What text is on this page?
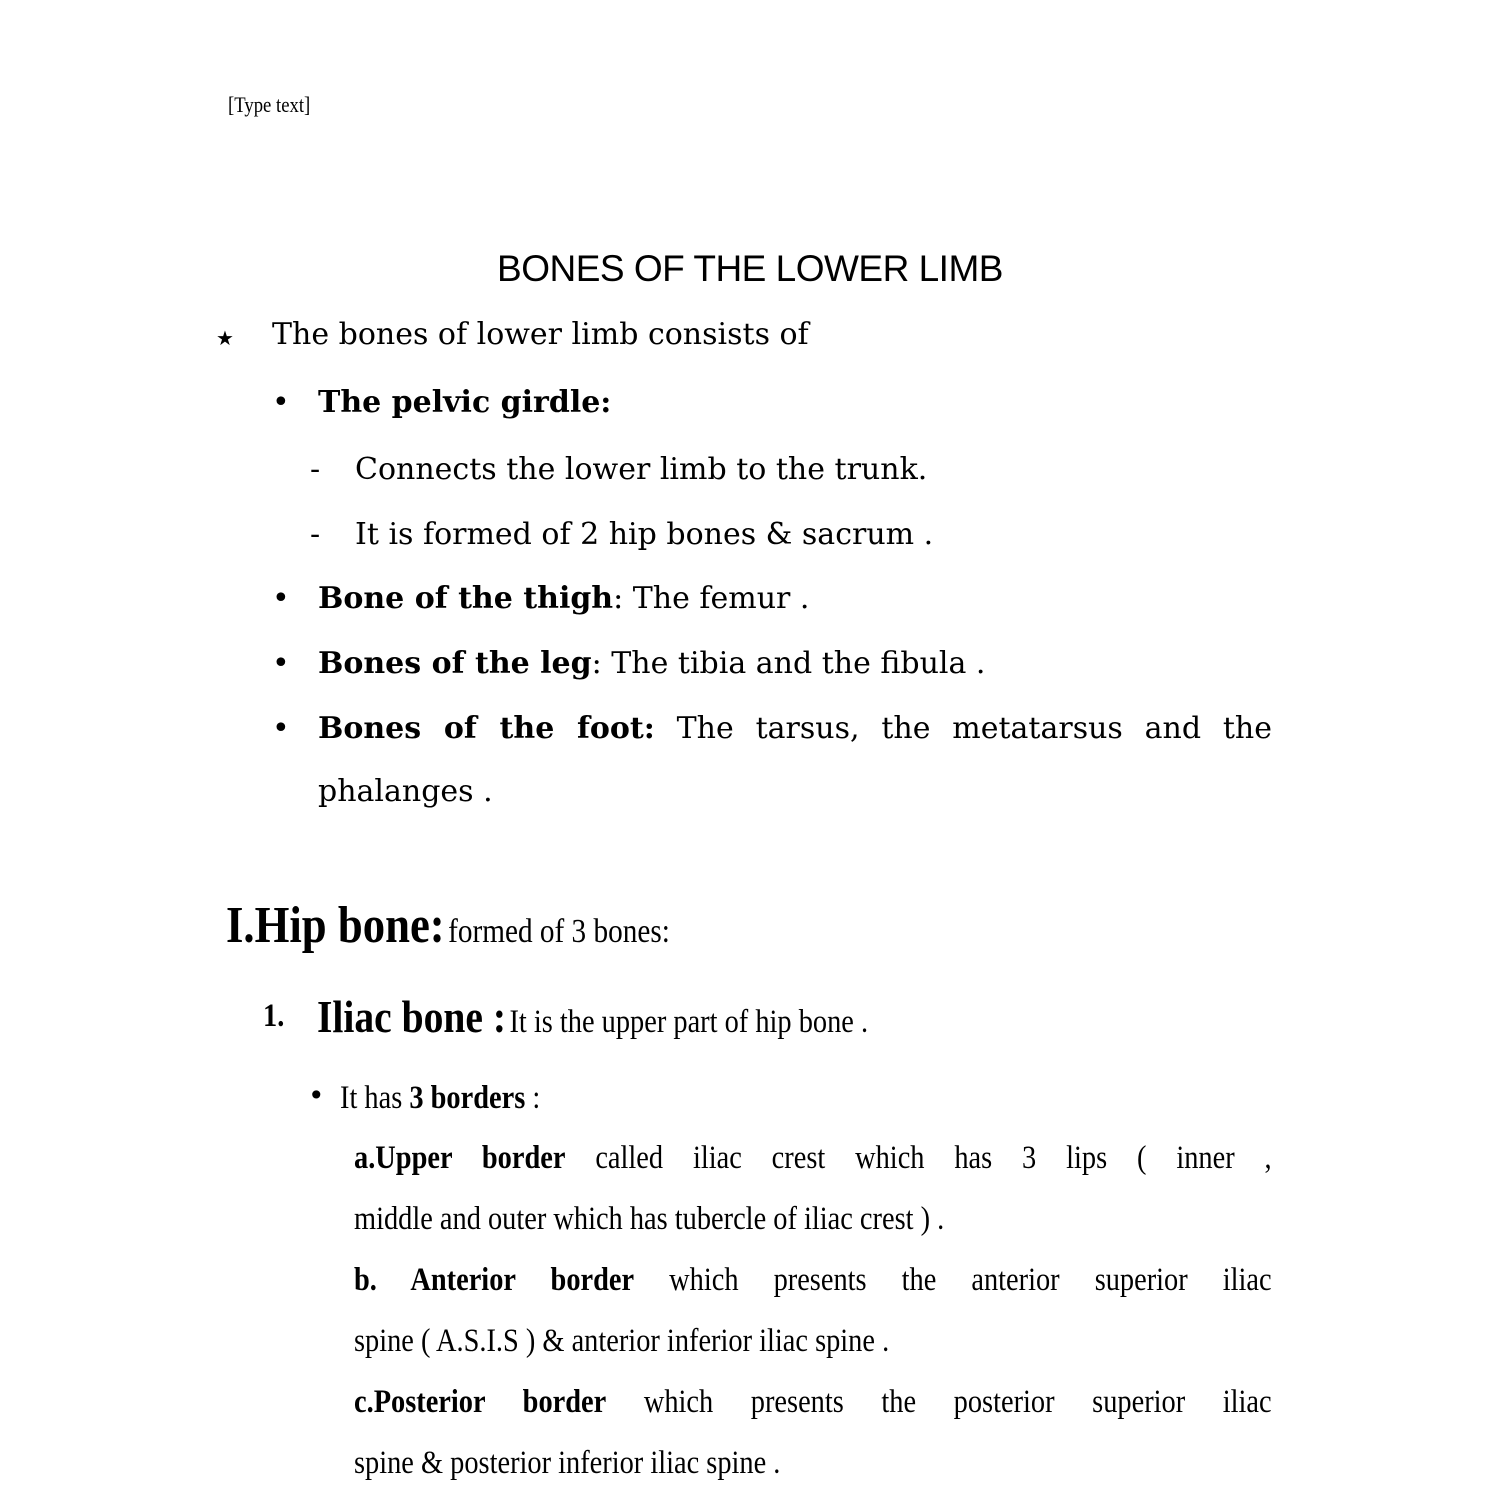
[Type text]
BONES OF THE LOWER LIMB
★ The bones of lower limb consists of
• The pelvic girdle:
- Connects the lower limb to the trunk.
- It is formed of 2 hip bones & sacrum .
• Bone of the thigh: The femur .
• Bones of the leg: The tibia and the fibula .
• Bones of the foot: The tarsus, the metatarsus and the
phalanges .
I.Hip bone: formed of 3 bones:
1. Iliac bone : It is the upper part of hip bone .
• It has 3 borders :
a.Upper border called iliac crest which has 3 lips ( inner ,
middle and outer which has tubercle of iliac crest ) .
b. Anterior border which presents the anterior superior iliac
spine ( A.S.I.S ) & anterior inferior iliac spine .
c.Posterior border which presents the posterior superior iliac
spine & posterior inferior iliac spine .
